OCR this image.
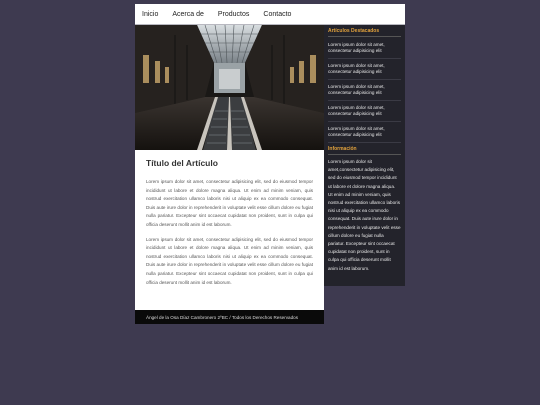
Inicio	Acerca de	Productos	Contacto
Título del Artículo

Lorem ipsum dolor sit amet, consectetur adipisicing elit, sed do eiusmod tempor incididunt ut labore et dolore magna aliqua. Ut enim ad minim veniam, quis nostrud exercitation ullamco laboris nisi ut aliquip ex ea commodo consequat. Duis aute irure dolor in reprehenderit in voluptate velit esse cillum dolore eu fugiat nulla pariatur. Excepteur sint occaecat cupidatat non proident, sunt in culpa qui officia deserunt mollit anim id est laborum.

Lorem ipsum dolor sit amet, consectetur adipisicing elit, sed do eiusmod tempor incididunt ut labore et dolore magna aliqua. Ut enim ad minim veniam, quis nostrud exercitation ullamco laboris nisi ut aliquip ex ea commodo consequat. Duis aute irure dolor in reprehenderit in voluptate velit esse cillum dolore eu fugiat nulla pariatur. Excepteur sint occaecat cupidatat non proident, sunt in culpa qui officia deserunt mollit anim id est laborum.

Ángel de la Osa Díaz Cambronero 2ºBC / Todos los Derechos Reservados
Artículos Destacados
Lorem ipsum dolor sit amet, consectetur adipisicing elit
Lorem ipsum dolor sit amet, consectetur adipisicing elit
Lorem ipsum dolor sit amet, consectetur adipisicing elit
Lorem ipsum dolor sit amet, consectetur adipisicing elit
Lorem ipsum dolor sit amet, consectetur adipisicing elit
Información
Lorem ipsum dolor sit amet,consectetur adipisicing elit, sed do eiusmod tempor incididunt ut labore et dolore magna aliqua. Ut enim ad minim veniam, quis nostrud exercitation ullamco laboris nisi ut aliquip ex ea commodo consequat. Duis aute irure dolor in reprehenderit in voluptate velit esse cillum dolore eu fugiat nulla pariatur. Excepteur sint occaecat cupidatat non proident, sunt in culpa qui officia deserunt mollit anim id est laborum.
